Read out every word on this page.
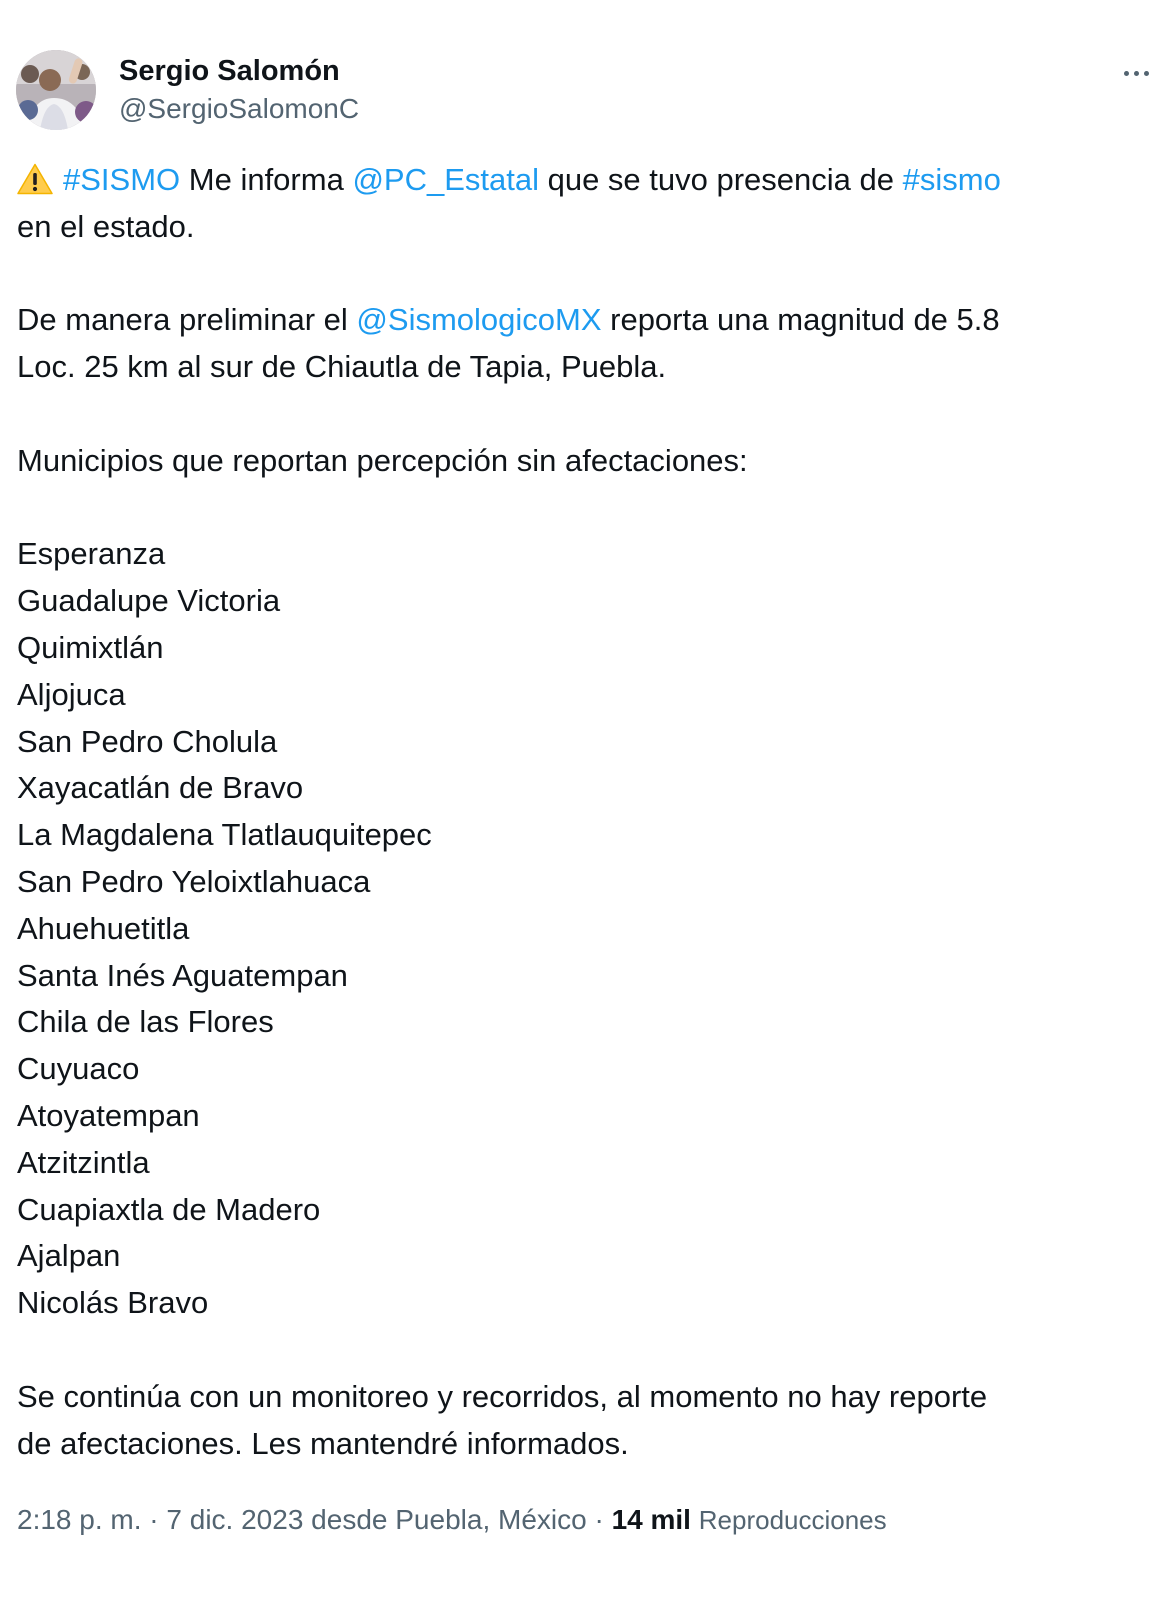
Sergio Salomón
@SergioSalomonC
#SISMO Me informa @PC_Estatal que se tuvo presencia de #sismo
en el estado.
De manera preliminar el @SismologicoMX reporta una magnitud de 5.8
Loc. 25 km al sur de Chiautla de Tapia, Puebla.
Municipios que reportan percepción sin afectaciones:
Esperanza
Guadalupe Victoria
Quimixtlán
Aljojuca
San Pedro Cholula
Xayacatlán de Bravo
La Magdalena Tlatlauquitepec
San Pedro Yeloixtlahuaca
Ahuehuetitla
Santa Inés Aguatempan
Chila de las Flores
Cuyuaco
Atoyatempan
Atzitzintla
Cuapiaxtla de Madero
Ajalpan
Nicolás Bravo
Se continúa con un monitoreo y recorridos, al momento no hay reporte
de afectaciones. Les mantendré informados.
2:18 p. m. · 7 dic. 2023 desde Puebla, México · 14 mil Reproducciones
